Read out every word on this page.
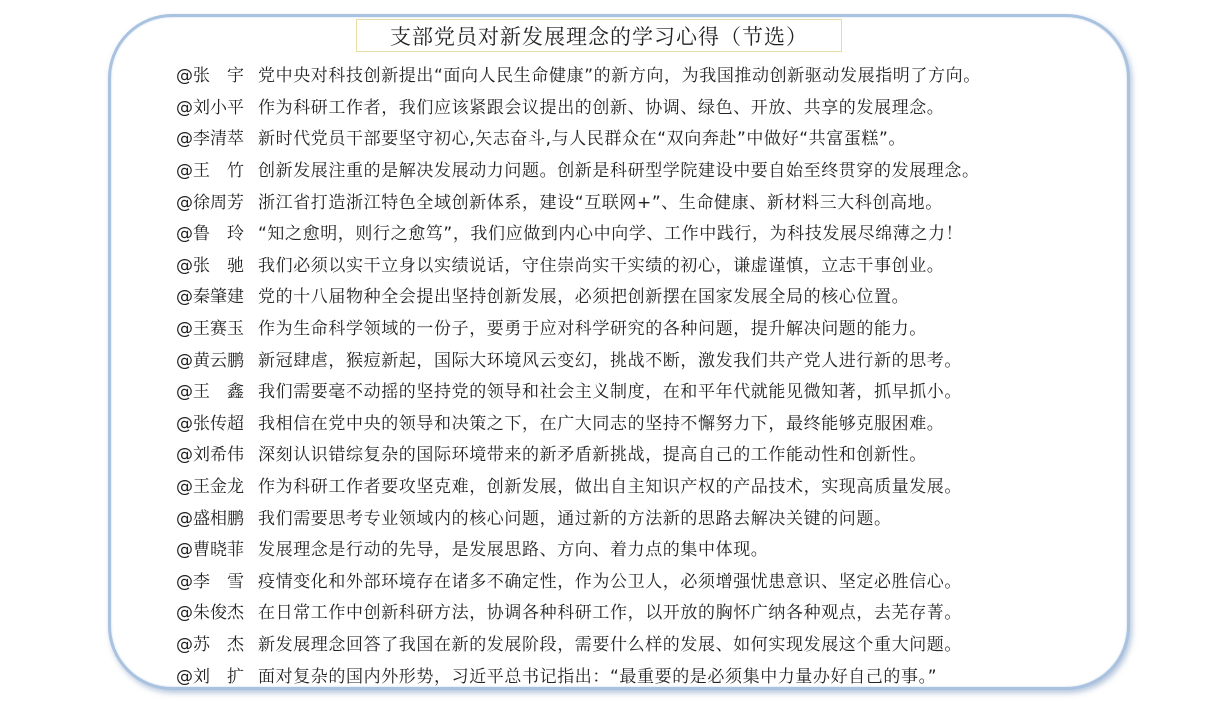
支部党员对新发展理念的学习心得（节选）
@张　宇 党中央对科技创新提出“面向人民生命健康”的新方向，为我国推动创新驱动发展指明了方向。
@刘小平 作为科研工作者，我们应该紧跟会议提出的创新、协调、绿色、开放、共享的发展理念。
@李清萃 新时代党员干部要坚守初心,矢志奋斗,与人民群众在“双向奔赴”中做好“共富蛋糕”。
@王　竹 创新发展注重的是解决发展动力问题。创新是科研型学院建设中要自始至终贯穿的发展理念。
@徐周芳 浙江省打造浙江特色全域创新体系，建设“互联网+”、生命健康、新材料三大科创高地。
@鲁　玲 “知之愈明，则行之愈笃”，我们应做到内心中向学、工作中践行，为科技发展尽绵薄之力！
@张　驰 我们必须以实干立身以实绩说话，守住崇尚实干实绩的初心，谦虚谨慎，立志干事创业。
@秦肇建 党的十八届物种全会提出坚持创新发展，必须把创新摆在国家发展全局的核心位置。
@王赛玉 作为生命科学领域的一份子，要勇于应对科学研究的各种问题，提升解决问题的能力。
@黄云鹏 新冠肆虐，猴痘新起，国际大环境风云变幻，挑战不断，激发我们共产党人进行新的思考。
@王　鑫 我们需要毫不动摇的坚持党的领导和社会主义制度，在和平年代就能见微知著，抓早抓小。
@张传超 我相信在党中央的领导和决策之下，在广大同志的坚持不懈努力下，最终能够克服困难。
@刘希伟 深刻认识错综复杂的国际环境带来的新矛盾新挑战，提高自己的工作能动性和创新性。
@王金龙 作为科研工作者要攻坚克难，创新发展，做出自主知识产权的产品技术，实现高质量发展。
@盛相鹏 我们需要思考专业领域内的核心问题，通过新的方法新的思路去解决关键的问题。
@曹晓菲 发展理念是行动的先导，是发展思路、方向、着力点的集中体现。
@李　雪 疫情变化和外部环境存在诸多不确定性，作为公卫人，必须增强忧患意识、坚定必胜信心。
@朱俊杰 在日常工作中创新科研方法，协调各种科研工作，以开放的胸怀广纳各种观点，去芜存菁。
@苏　杰 新发展理念回答了我国在新的发展阶段，需要什么样的发展、如何实现发展这个重大问题。
@刘　扩 面对复杂的国内外形势，习近平总书记指出：“最重要的是必须集中力量办好自己的事。”
